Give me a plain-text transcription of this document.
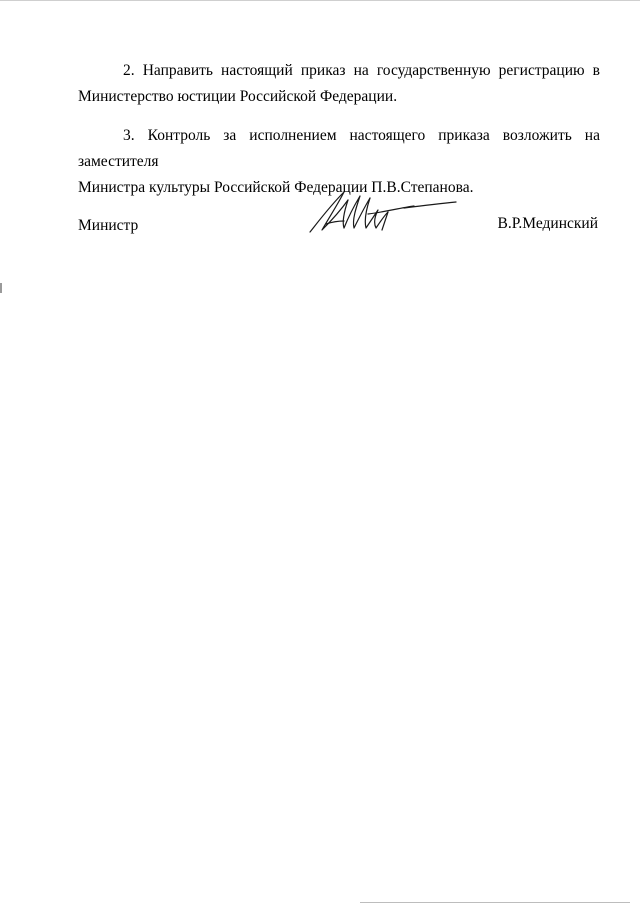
2. Направить настоящий приказ на государственную регистрацию в
Министерство юстиции Российской Федерации.

3. Контроль за исполнением настоящего приказа возложить на заместителя
Министра культуры Российской Федерации П.В.Степанова.

Министр	В.Р.Мединский
